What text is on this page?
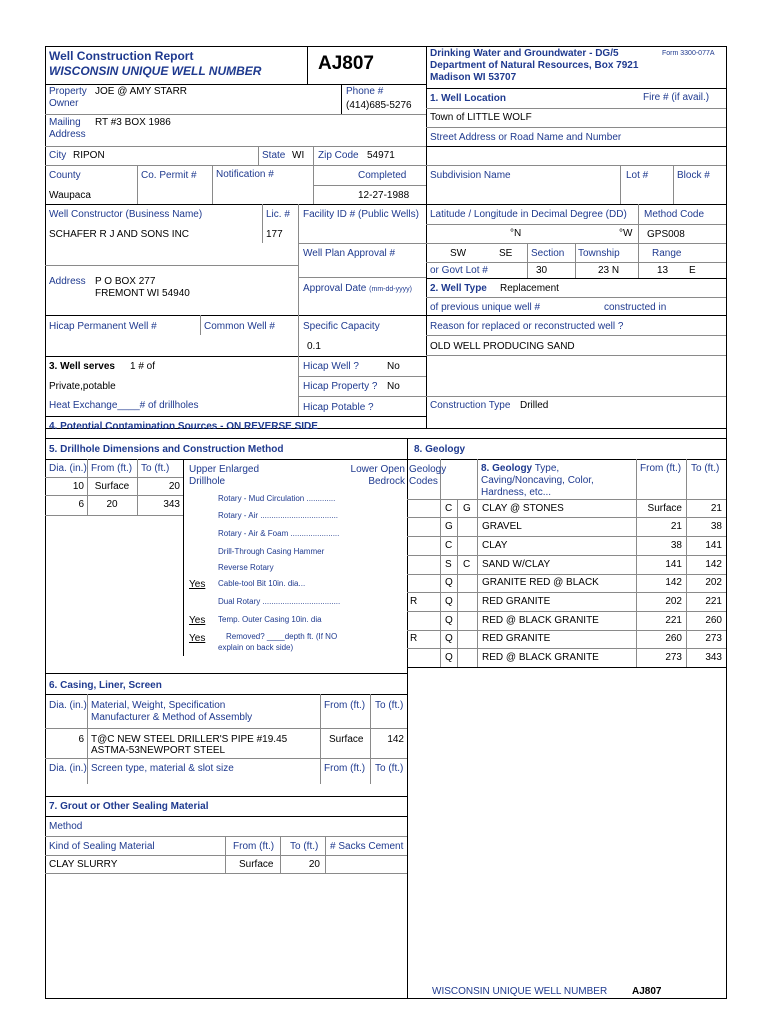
Well Construction Report
WISCONSIN UNIQUE WELL NUMBER	AJ807	Drinking Water and Groundwater - DG/5
Department of Natural Resources, Box 7921
Madison WI 53707
Form 3300-077A
Property
Owner
JOE @ AMY STARR	Phone #
(414)685-5276
Mailing
Address
RT #3 BOX 1986
City RIPON	State WI Zip Code 54971
County
Waupaca
Co. Permit # Notification #	Completed
12-27-1988
Well Constructor (Business Name)
SCHAFER R J AND SONS INC
Lic. #
177
Facility ID # (Public Wells)
Well Plan Approval #
Address P O BOX 277
FREMONT WI 54940	Approval Date (mm-dd-yyyy)
Hicap Permanent Well #	Common Well #	Specific Capacity
0.1
3. Well serves 1 # of
Private,potable
Heat Exchange____# of drillholes
Hicap Well ?	No
Hicap Property ? No
Hicap Potable ?
1. Well Location	Fire # (if avail.)
Town of LITTLE WOLF
Street Address or Road Name and Number
Subdivision Name	Lot #	Block #
Latitude / Longitude in Decimal Degree (DD) Method Code
°N	°W GPS008
SW	SE Section Township	Range
or Govt Lot #	30	23 N	13 E
2. Well Type Replacement
of previous unique well #	constructed in
Reason for replaced or reconstructed well ?
OLD WELL PRODUCING SAND
Construction Type Drilled
4. Potential Contamination Sources - ON REVERSE SIDE
5. Drillhole Dimensions and Construction Method
Dia. (in.) From (ft.) To (ft.) Upper Enlarged
Drillhole
Lower Open
Bedrock
10	Surface	20
6	20	343
Rotary - Mud Circulation .............
Rotary - Air ...................................
Rotary - Air & Foam ......................
Drill-Through Casing Hammer
Reverse Rotary
Yes Cable-tool Bit 10in. dia...
Dual Rotary ...................................
Yes Temp. Outer Casing 10in. dia
Yes	Removed? ____depth ft. (If NO
explain on back side)
8. Geology
Geology
Codes
8. Geology Type,
Caving/Noncaving, Color,
Hardness, etc...
From (ft.) To (ft.)
C G CLAY @ STONES	Surface	21
G	GRAVEL	21	38
C	CLAY	38	141
S C SAND W/CLAY	141	142
Q	GRANITE RED @ BLACK	142	202
R	Q	RED GRANITE	202	221
Q	RED @ BLACK GRANITE	221	260
R	Q	RED GRANITE	260	273
Q	RED @ BLACK GRANITE	273	343
6. Casing, Liner, Screen
Dia. (in.) Material, Weight, Specification
Manufacturer & Method of Assembly
From (ft.) To (ft.)
6 T@C NEW STEEL DRILLER'S PIPE #19.45
ASTMA-53NEWPORT STEEL
Surface	142
Dia. (in.) Screen type, material & slot size	From (ft.) To (ft.)
7. Grout or Other Sealing Material
Method
Kind of Sealing Material	From (ft.) To (ft.) # Sacks Cement
CLAY SLURRY	Surface	20
WISCONSIN UNIQUE WELL NUMBER AJ807
